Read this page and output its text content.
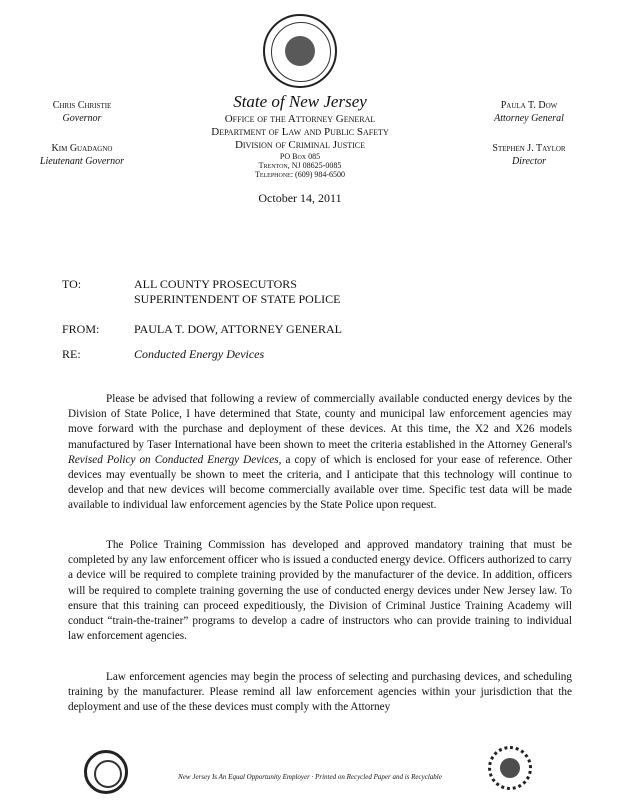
Chris Christie
Governor
Kim Guadagno
Lieutenant Governor
State of New Jersey
Office of the Attorney General
Department of Law and Public Safety
Division of Criminal Justice
PO Box 085
Trenton, NJ 08625-0085
Telephone: (609) 984-6500
Paula T. Dow
Attorney General
Stephen J. Taylor
Director
October 14, 2011
TO:	ALL COUNTY PROSECUTORS
SUPERINTENDENT OF STATE POLICE
FROM:	PAULA T. DOW, ATTORNEY GENERAL
RE:	Conducted Energy Devices
Please be advised that following a review of commercially available conducted energy devices by the Division of State Police, I have determined that State, county and municipal law enforcement agencies may move forward with the purchase and deployment of these devices. At this time, the X2 and X26 models manufactured by Taser International have been shown to meet the criteria established in the Attorney General's Revised Policy on Conducted Energy Devices, a copy of which is enclosed for your ease of reference. Other devices may eventually be shown to meet the criteria, and I anticipate that this technology will continue to develop and that new devices will become commercially available over time. Specific test data will be made available to individual law enforcement agencies by the State Police upon request.
The Police Training Commission has developed and approved mandatory training that must be completed by any law enforcement officer who is issued a conducted energy device. Officers authorized to carry a device will be required to complete training provided by the manufacturer of the device. In addition, officers will be required to complete training governing the use of conducted energy devices under New Jersey law. To ensure that this training can proceed expeditiously, the Division of Criminal Justice Training Academy will conduct “train-the-trainer” programs to develop a cadre of instructors who can provide training to individual law enforcement agencies.
Law enforcement agencies may begin the process of selecting and purchasing devices, and scheduling training by the manufacturer. Please remind all law enforcement agencies within your jurisdiction that the deployment and use of the these devices must comply with the Attorney
New Jersey Is An Equal Opportunity Employer · Printed on Recycled Paper and is Recyclable
